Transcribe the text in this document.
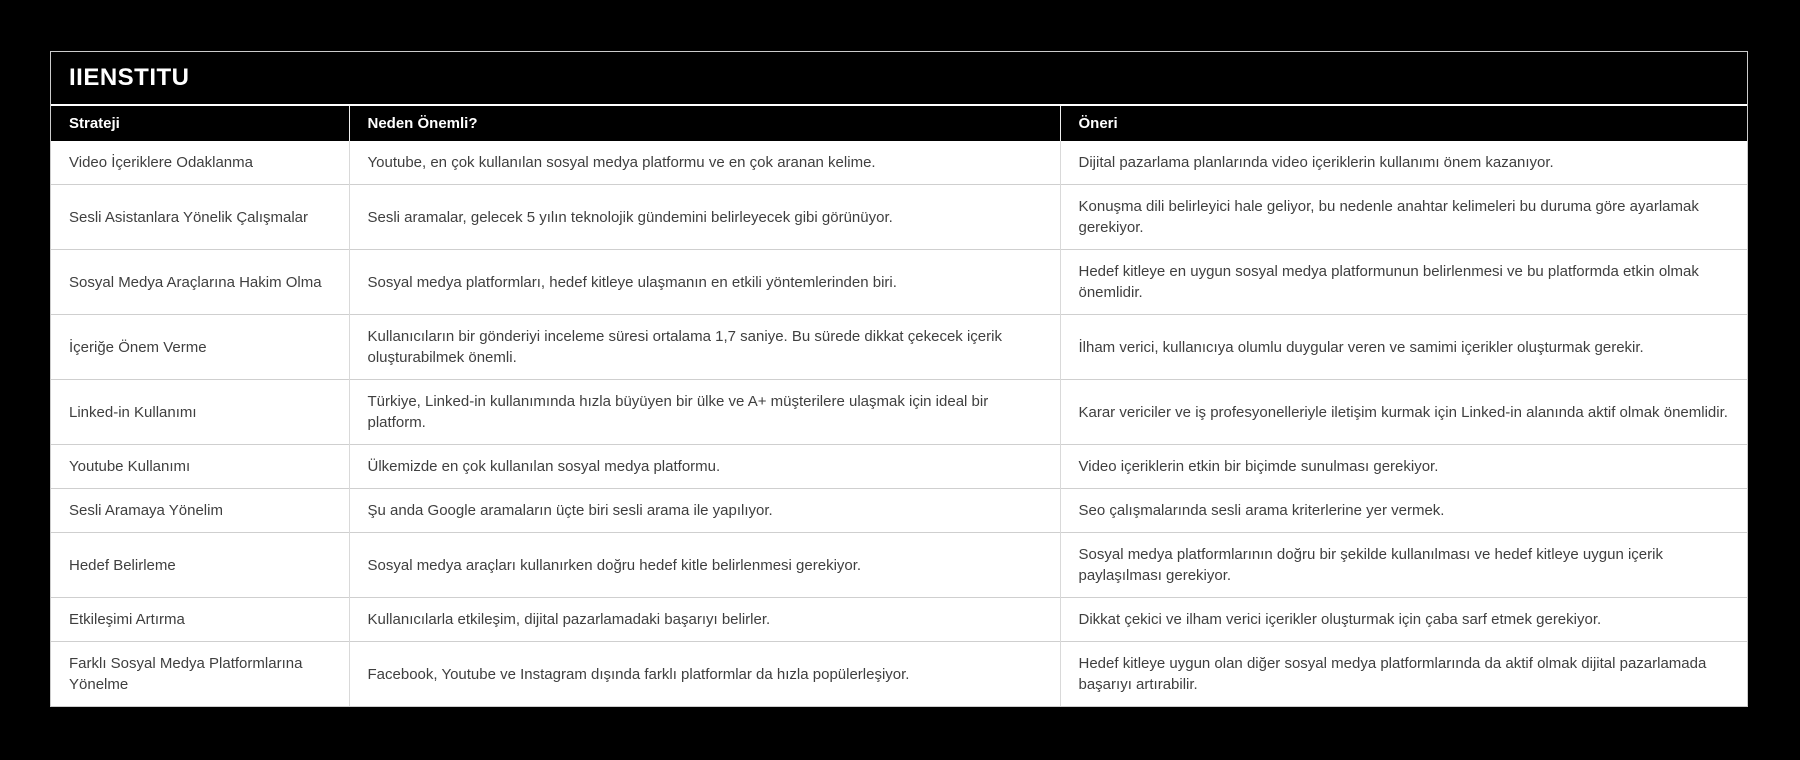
IIENSTITU
Strateji	Neden Önemli?	Öneri
Video İçeriklere Odaklanma	Youtube, en çok kullanılan sosyal medya platformu ve en çok aranan kelime.	Dijital pazarlama planlarında video içeriklerin kullanımı önem kazanıyor.
Sesli Asistanlara Yönelik Çalışmalar	Sesli aramalar, gelecek 5 yılın teknolojik gündemini belirleyecek gibi görünüyor.	Konuşma dili belirleyici hale geliyor, bu nedenle anahtar kelimeleri bu duruma göre ayarlamak gerekiyor.
Sosyal Medya Araçlarına Hakim Olma	Sosyal medya platformları, hedef kitleye ulaşmanın en etkili yöntemlerinden biri.	Hedef kitleye en uygun sosyal medya platformunun belirlenmesi ve bu platformda etkin olmak önemlidir.
İçeriğe Önem Verme	Kullanıcıların bir gönderiyi inceleme süresi ortalama 1,7 saniye. Bu sürede dikkat çekecek içerik oluşturabilmek önemli.	İlham verici, kullanıcıya olumlu duygular veren ve samimi içerikler oluşturmak gerekir.
Linked-in Kullanımı	Türkiye, Linked-in kullanımında hızla büyüyen bir ülke ve A+ müşterilere ulaşmak için ideal bir platform.	Karar vericiler ve iş profesyonelleriyle iletişim kurmak için Linked-in alanında aktif olmak önemlidir.
Youtube Kullanımı	Ülkemizde en çok kullanılan sosyal medya platformu.	Video içeriklerin etkin bir biçimde sunulması gerekiyor.
Sesli Aramaya Yönelim	Şu anda Google aramaların üçte biri sesli arama ile yapılıyor.	Seo çalışmalarında sesli arama kriterlerine yer vermek.
Hedef Belirleme	Sosyal medya araçları kullanırken doğru hedef kitle belirlenmesi gerekiyor.	Sosyal medya platformlarının doğru bir şekilde kullanılması ve hedef kitleye uygun içerik paylaşılması gerekiyor.
Etkileşimi Artırma	Kullanıcılarla etkileşim, dijital pazarlamadaki başarıyı belirler.	Dikkat çekici ve ilham verici içerikler oluşturmak için çaba sarf etmek gerekiyor.
Farklı Sosyal Medya Platformlarına Yönelme	Facebook, Youtube ve Instagram dışında farklı platformlar da hızla popülerleşiyor.	Hedef kitleye uygun olan diğer sosyal medya platformlarında da aktif olmak dijital pazarlamada başarıyı artırabilir.
